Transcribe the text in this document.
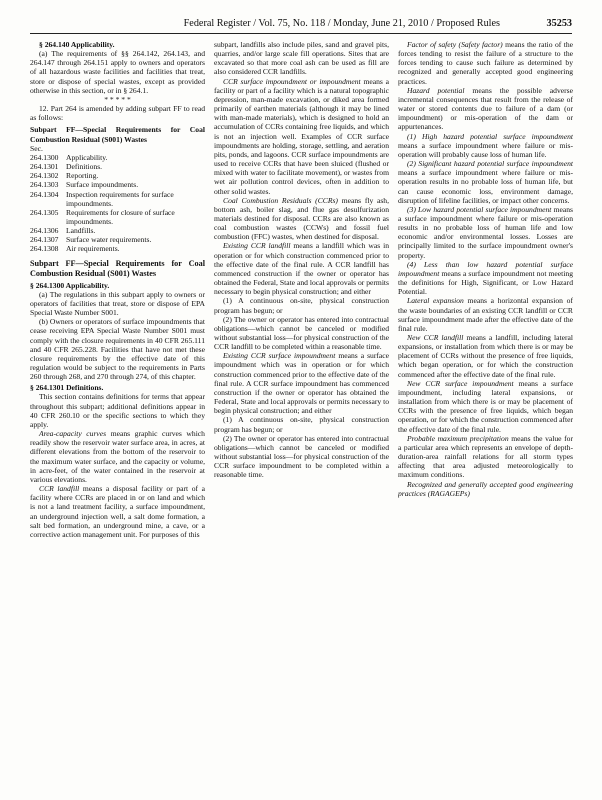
Federal Register / Vol. 75, No. 118 / Monday, June 21, 2010 / Proposed Rules	35253

§ 264.140 Applicability.

(a) The requirements of §§ 264.142, 264.143, and 264.147 through 264.151 apply to owners and operators of all hazardous waste facilities and facilities that treat, store or dispose of special wastes, except as provided otherwise in this section, or in § 264.1.

* * * * *

12. Part 264 is amended by adding subpart FF to read as follows:

Subpart FF—Special Requirements for Coal Combustion Residual (S001) Wastes

Sec.

264.1300 Applicability.
264.1301 Definitions.
264.1302 Reporting.
264.1303 Surface impoundments.
264.1304 Inspection requirements for surface impoundments.
264.1305 Requirements for closure of surface impoundments.
264.1306 Landfills.
264.1307 Surface water requirements.
264.1308 Air requirements.

Subpart FF—Special Requirements for Coal Combustion Residual (S001) Wastes

§ 264.1300 Applicability.

(a) The regulations in this subpart apply to owners or operators of facilities that treat, store or dispose of EPA Special Waste Number S001.

(b) Owners or operators of surface impoundments that cease receiving EPA Special Waste Number S001 must comply with the closure requirements in 40 CFR 265.111 and 40 CFR 265.228. Facilities that have not met these closure requirements by the effective date of this regulation would be subject to the requirements in Parts 260 through 268, and 270 through 274, of this chapter.

§ 264.1301 Definitions.

This section contains definitions for terms that appear throughout this subpart; additional definitions appear in 40 CFR 260.10 or the specific sections to which they apply.

Area-capacity curves means graphic curves which readily show the reservoir water surface area, in acres, at different elevations from the bottom of the reservoir to the maximum water surface, and the capacity or volume, in acre-feet, of the water contained in the reservoir at various elevations.

CCR landfill means a disposal facility or part of a facility where CCRs are placed in or on land and which is not a land treatment facility, a surface impoundment, an underground injection well, a salt dome formation, a salt bed formation, an underground mine, a cave, or a corrective action management unit. For purposes of this

subpart, landfills also include piles, sand and gravel pits, quarries, and/or large scale fill operations. Sites that are excavated so that more coal ash can be used as fill are also considered CCR landfills.

CCR surface impoundment or impoundment means a facility or part of a facility which is a natural topographic depression, man-made excavation, or diked area formed primarily of earthen materials (although it may be lined with man-made materials), which is designed to hold an accumulation of CCRs containing free liquids, and which is not an injection well. Examples of CCR surface impoundments are holding, storage, settling, and aeration pits, ponds, and lagoons. CCR surface impoundments are used to receive CCRs that have been sluiced (flushed or mixed with water to facilitate movement), or wastes from wet air pollution control devices, often in addition to other solid wastes.

Coal Combustion Residuals (CCRs) means fly ash, bottom ash, boiler slag, and flue gas desulfurization materials destined for disposal. CCRs are also known as coal combustion wastes (CCWs) and fossil fuel combustion (FFC) wastes, when destined for disposal.

Existing CCR landfill means a landfill which was in operation or for which construction commenced prior to the effective date of the final rule. A CCR landfill has commenced construction if the owner or operator has obtained the Federal, State and local approvals or permits necessary to begin physical construction; and either

(1) A continuous on-site, physical construction program has begun; or

(2) The owner or operator has entered into contractual obligations—which cannot be canceled or modified without substantial loss—for physical construction of the CCR landfill to be completed within a reasonable time.

Existing CCR surface impoundment means a surface impoundment which was in operation or for which construction commenced prior to the effective date of the final rule. A CCR surface impoundment has commenced construction if the owner or operator has obtained the Federal, State and local approvals or permits necessary to begin physical construction; and either

(1) A continuous on-site, physical construction program has begun; or

(2) The owner or operator has entered into contractual obligations—which cannot be canceled or modified without substantial loss—for physical construction of the CCR surface impoundment to be completed within a reasonable time.

Factor of safety (Safety factor) means the ratio of the forces tending to resist the failure of a structure to the forces tending to cause such failure as determined by recognized and generally accepted good engineering practices.

Hazard potential means the possible adverse incremental consequences that result from the release of water or stored contents due to failure of a dam (or impoundment) or mis-operation of the dam or appurtenances.

(1) High hazard potential surface impoundment means a surface impoundment where failure or mis-operation will probably cause loss of human life.

(2) Significant hazard potential surface impoundment means a surface impoundment where failure or mis-operation results in no probable loss of human life, but can cause economic loss, environment damage, disruption of lifeline facilities, or impact other concerns.

(3) Low hazard potential surface impoundment means a surface impoundment where failure or mis-operation results in no probable loss of human life and low economic and/or environmental losses. Losses are principally limited to the surface impoundment owner's property.

(4) Less than low hazard potential surface impoundment means a surface impoundment not meeting the definitions for High, Significant, or Low Hazard Potential.

Lateral expansion means a horizontal expansion of the waste boundaries of an existing CCR landfill or CCR surface impoundment made after the effective date of the final rule.

New CCR landfill means a landfill, including lateral expansions, or installation from which there is or may be placement of CCRs without the presence of free liquids, which began operation, or for which the construction commenced after the effective date of the final rule.

New CCR surface impoundment means a surface impoundment, including lateral expansions, or installation from which there is or may be placement of CCRs with the presence of free liquids, which began operation, or for which the construction commenced after the effective date of the final rule.

Probable maximum precipitation means the value for a particular area which represents an envelope of depth-duration-area rainfall relations for all storm types affecting that area adjusted meteorologically to maximum conditions.

Recognized and generally accepted good engineering practices (RAGAGEPs)
